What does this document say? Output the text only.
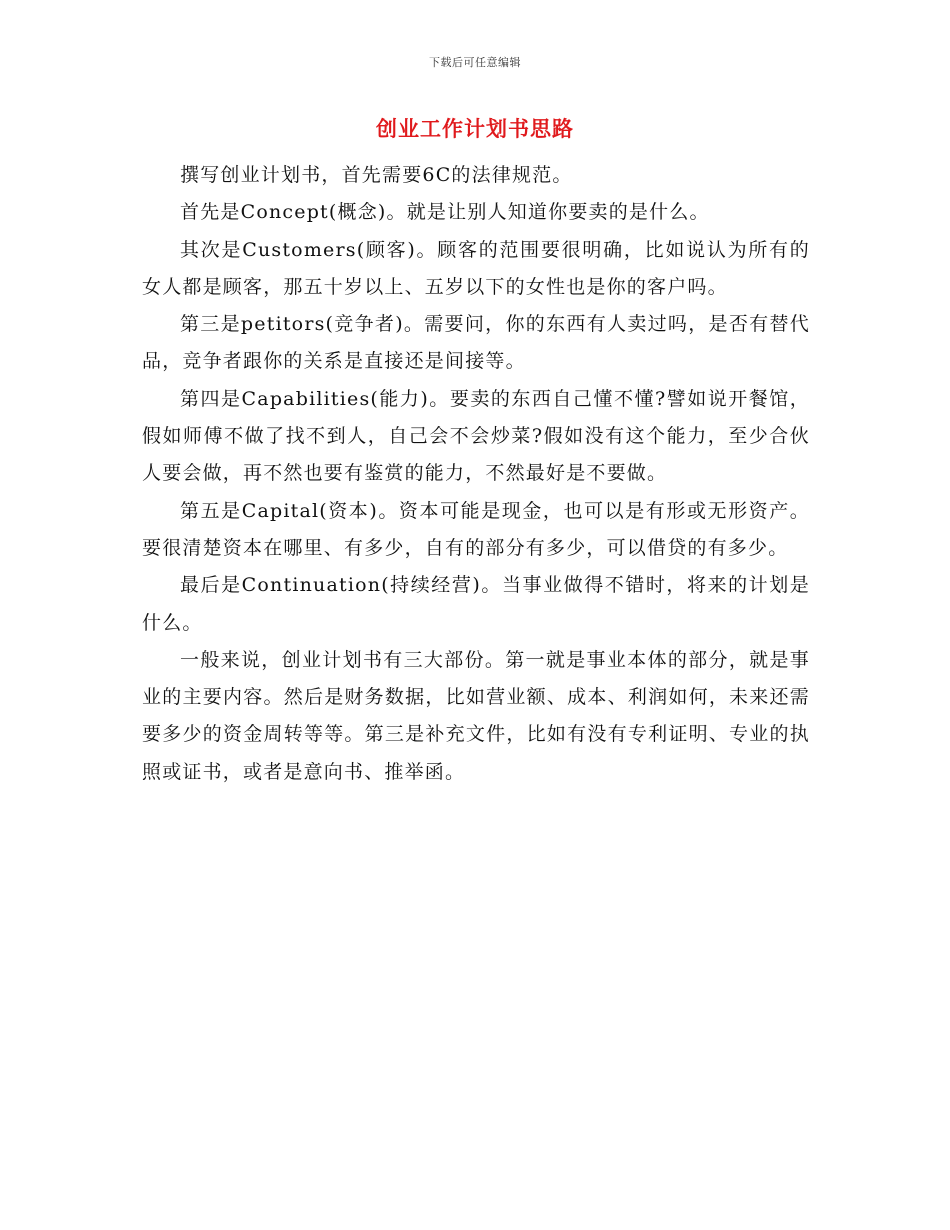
下载后可任意编辑
创业工作计划书思路

撰写创业计划书，首先需要6C的法律规范。

首先是Concept(概念)。就是让别人知道你要卖的是什么。

其次是Customers(顾客)。顾客的范围要很明确，比如说认为所有的女人都是顾客，那五十岁以上、五岁以下的女性也是你的客户吗。

第三是petitors(竞争者)。需要问，你的东西有人卖过吗，是否有替代品，竞争者跟你的关系是直接还是间接等。

第四是Capabilities(能力)。要卖的东西自己懂不懂?譬如说开餐馆，假如师傅不做了找不到人，自己会不会炒菜?假如没有这个能力，至少合伙人要会做，再不然也要有鉴赏的能力，不然最好是不要做。

第五是Capital(资本)。资本可能是现金，也可以是有形或无形资产。要很清楚资本在哪里、有多少，自有的部分有多少，可以借贷的有多少。

最后是Continuation(持续经营)。当事业做得不错时，将来的计划是什么。

一般来说，创业计划书有三大部份。第一就是事业本体的部分，就是事业的主要内容。然后是财务数据，比如营业额、成本、利润如何，未来还需要多少的资金周转等等。第三是补充文件，比如有没有专利证明、专业的执照或证书，或者是意向书、推举函。
